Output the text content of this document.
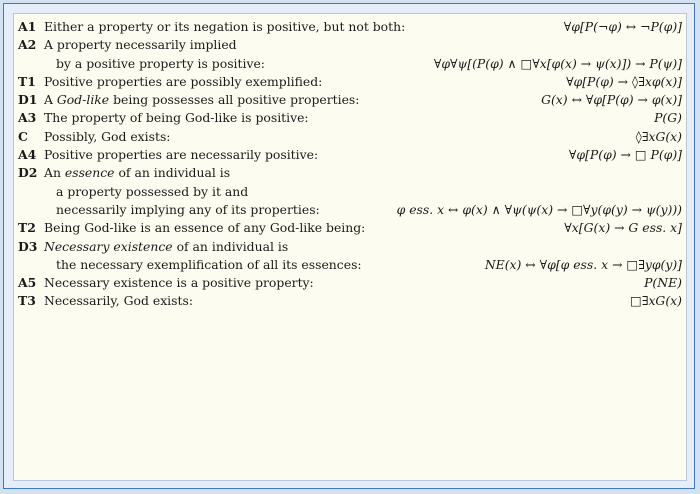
A1 Either a property or its negation is positive, but not both:	∀φ[P(¬φ) ↔ ¬P(φ)]
A2 A property necessarily implied
by a positive property is positive:	∀φ∀ψ[(P(φ) ∧ □∀x[φ(x) → ψ(x)]) → P(ψ)]
T1 Positive properties are possibly exemplified:	∀φ[P(φ) → ◊∃xφ(x)]
D1 A God-like being possesses all positive properties:	G(x) ↔ ∀φ[P(φ) → φ(x)]
A3 The property of being God-like is positive:	P(G)
C	Possibly, God exists:	◊∃xG(x)
A4 Positive properties are necessarily positive:	∀φ[P(φ) → □ P(φ)]
D2 An essence of an individual is
a property possessed by it and
necessarily implying any of its properties:	φ ess. x ↔ φ(x) ∧ ∀ψ(ψ(x) → □∀y(φ(y) → ψ(y)))
T2 Being God-like is an essence of any God-like being:	∀x[G(x) → G ess. x]
D3 Necessary existence of an individual is
the necessary exemplification of all its essences:	NE(x) ↔ ∀φ[φ ess. x → □∃yφ(y)]
A5 Necessary existence is a positive property:	P(NE)
T3 Necessarily, God exists:	□∃xG(x)
